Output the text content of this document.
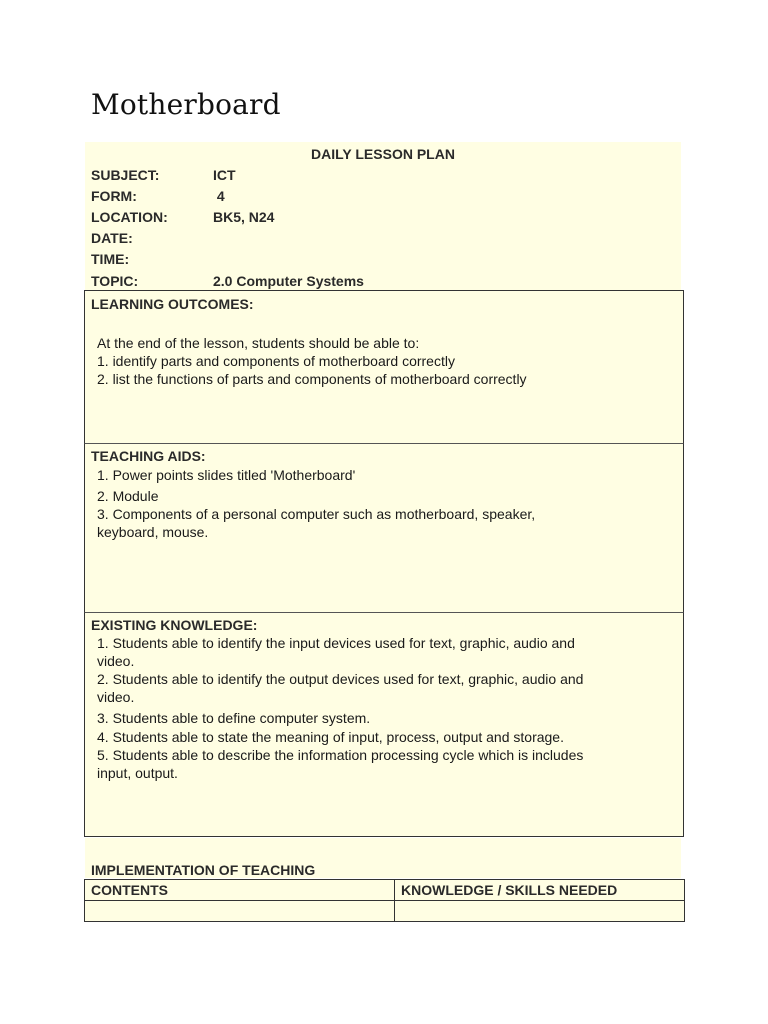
Motherboard
DAILY LESSON PLAN
SUBJECT:	ICT
FORM:	4
LOCATION:	BK5, N24
DATE:
TIME:
TOPIC:	2.0 Computer Systems
LEARNING OUTCOMES:
At the end of the lesson, students should be able to:
1. identify parts and components of motherboard correctly
2. list the functions of parts and components of motherboard correctly
TEACHING AIDS:
1. Power points slides titled 'Motherboard'
2. Module
3. Components of a personal computer such as motherboard, speaker,
keyboard, mouse.
EXISTING KNOWLEDGE:
1. Students able to identify the input devices used for text, graphic, audio and
video.
2. Students able to identify the output devices used for text, graphic, audio and
video.
3. Students able to define computer system.
4. Students able to state the meaning of input, process, output and storage.
5. Students able to describe the information processing cycle which is includes
input, output.
IMPLEMENTATION OF TEACHING
CONTENTS	KNOWLEDGE / SKILLS NEEDED
